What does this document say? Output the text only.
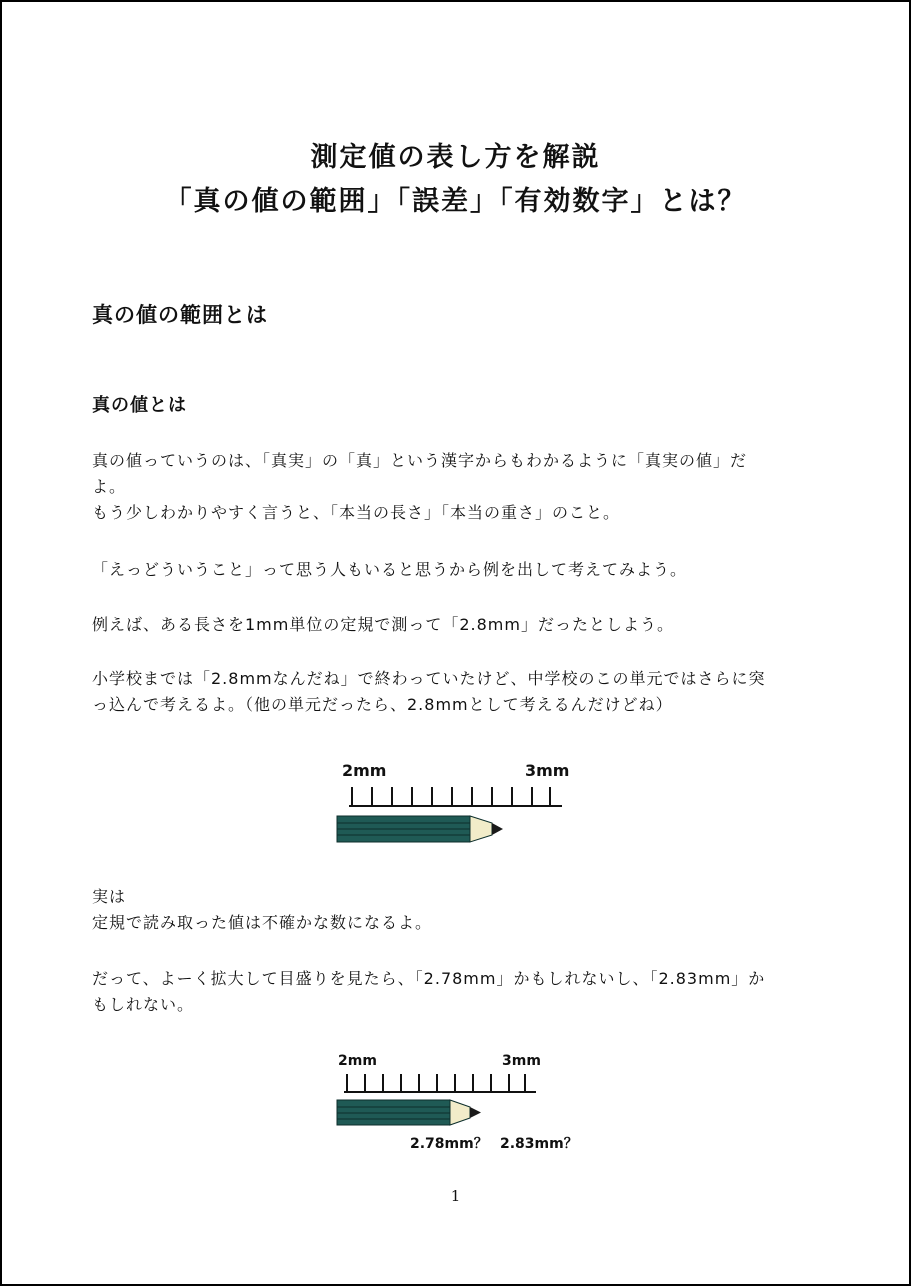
測定値の表し方を解説
「真の値の範囲」「誤差」「有効数字」とは？
真の値の範囲とは
真の値とは
真の値っていうのは、「真実」の「真」という漢字からもわかるように「真実の値」だ
よ。
もう少しわかりやすく言うと、「本当の長さ」「本当の重さ」のこと。
「えっどういうこと」って思う人もいると思うから例を出して考えてみよう。
例えば、ある長さを1mm単位の定規で測って「2.8mm」だったとしよう。
小学校までは「2.8mmなんだね」で終わっていたけど、中学校のこの単元ではさらに突
っ込んで考えるよ。（他の単元だったら、2.8mmとして考えるんだけどね）
2mm	3mm
実は
定規で読み取った値は不確かな数になるよ。
だって、よーく拡大して目盛りを見たら、「2.78mm」かもしれないし、「2.83mm」か
もしれない。
2mm	3mm
2.78mm？ 2.83mm？
1
